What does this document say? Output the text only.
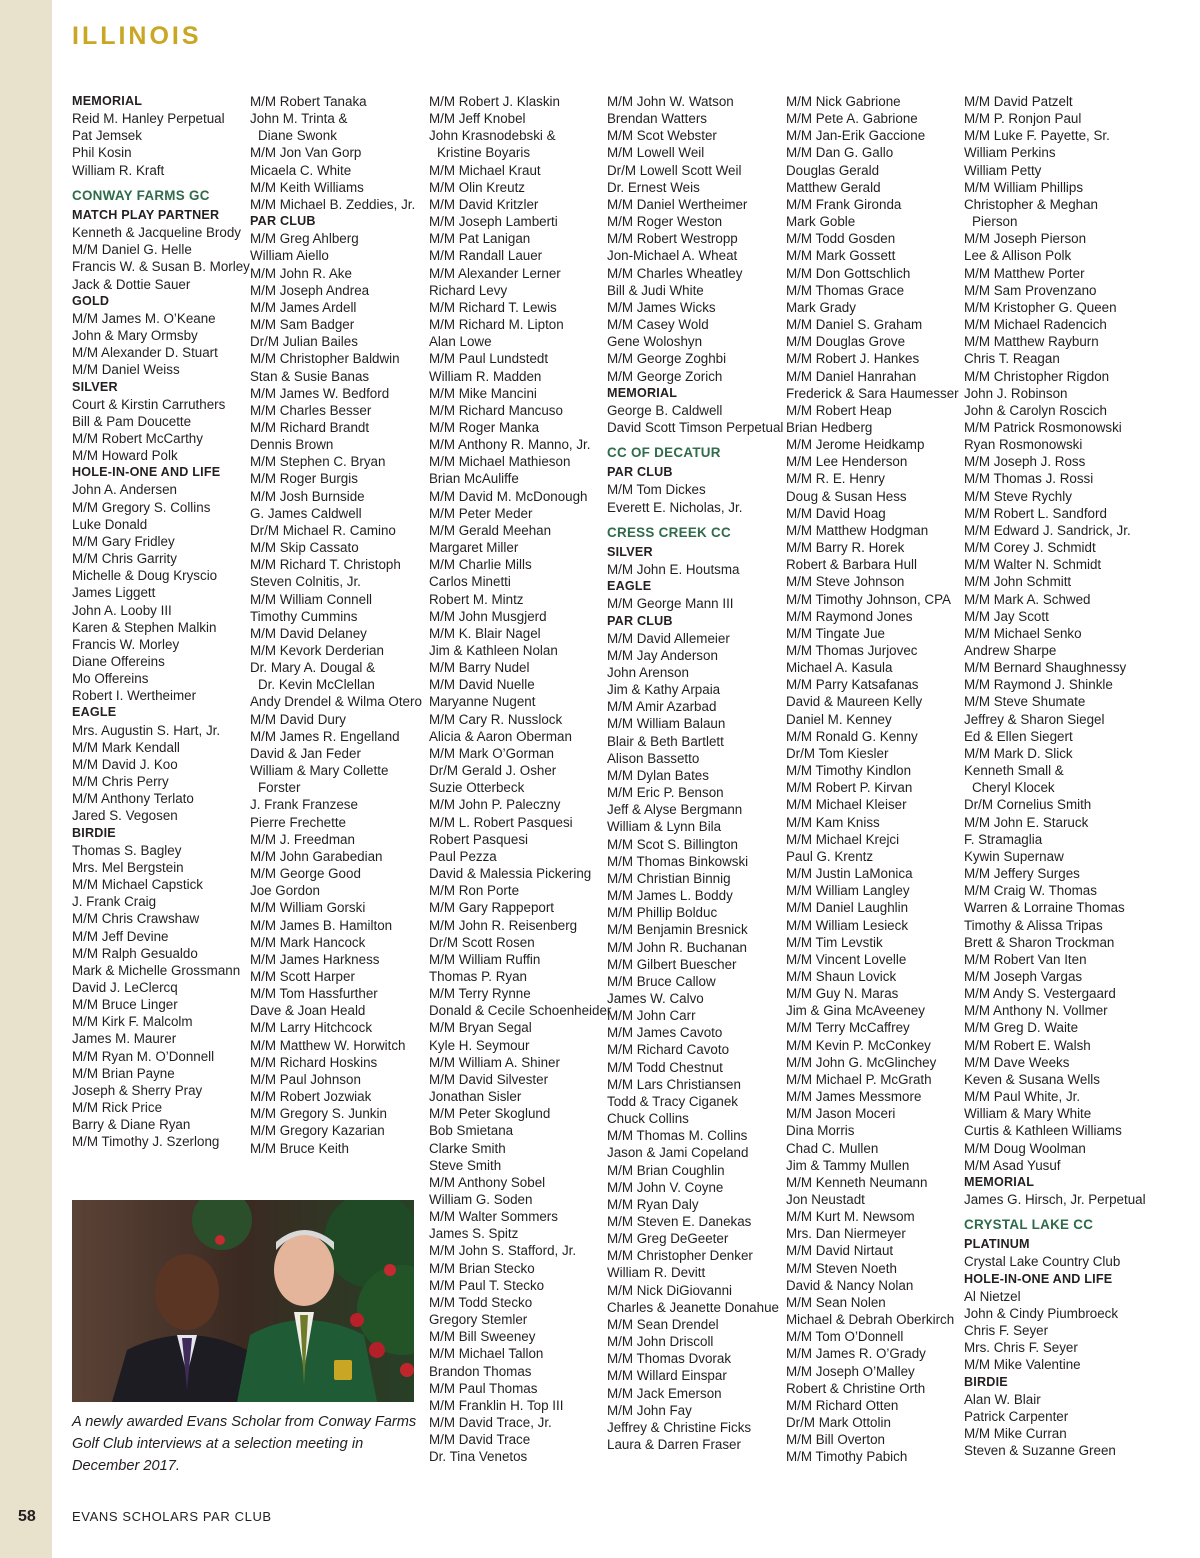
ILLINOIS
MEMORIAL
Reid M. Hanley Perpetual
Pat Jemsek
Phil Kosin
William R. Kraft
CONWAY FARMS GC
MATCH PLAY PARTNER
Kenneth & Jacqueline Brody
M/M Daniel G. Helle
Francis W. & Susan B. Morley
Jack & Dottie Sauer
GOLD
M/M James M. O’Keane
John & Mary Ormsby
M/M Alexander D. Stuart
M/M Daniel Weiss
SILVER
Court & Kirstin Carruthers
Bill & Pam Doucette
M/M Robert McCarthy
M/M Howard Polk
HOLE-IN-ONE AND LIFE
John A. Andersen
M/M Gregory S. Collins
Luke Donald
M/M Gary Fridley
M/M Chris Garrity
Michelle & Doug Kryscio
James Liggett
John A. Looby III
Karen & Stephen Malkin
Francis W. Morley
Diane Offereins
Mo Offereins
Robert I. Wertheimer
EAGLE
Mrs. Augustin S. Hart, Jr.
M/M Mark Kendall
M/M David J. Koo
M/M Chris Perry
M/M Anthony Terlato
Jared S. Vegosen
BIRDIE
Thomas S. Bagley
Mrs. Mel Bergstein
M/M Michael Capstick
J. Frank Craig
M/M Chris Crawshaw
M/M Jeff Devine
M/M Ralph Gesualdo
Mark & Michelle Grossmann
David J. LeClercq
M/M Bruce Linger
M/M Kirk F. Malcolm
James M. Maurer
M/M Ryan M. O’Donnell
M/M Brian Payne
Joseph & Sherry Pray
M/M Rick Price
Barry & Diane Ryan
M/M Timothy J. Szerlong
M/M Robert Tanaka
John M. Trinta &
Diane Swonk
M/M Jon Van Gorp
Micaela C. White
M/M Keith Williams
M/M Michael B. Zeddies, Jr.
PAR CLUB
M/M Greg Ahlberg
William Aiello
M/M John R. Ake
M/M Joseph Andrea
M/M James Ardell
M/M Sam Badger
Dr/M Julian Bailes
M/M Christopher Baldwin
Stan & Susie Banas
M/M James W. Bedford
M/M Charles Besser
M/M Richard Brandt
Dennis Brown
M/M Stephen C. Bryan
M/M Roger Burgis
M/M Josh Burnside
G. James Caldwell
Dr/M Michael R. Camino
M/M Skip Cassato
M/M Richard T. Christoph
Steven Colnitis, Jr.
M/M William Connell
Timothy Cummins
M/M David Delaney
M/M Kevork Derderian
Dr. Mary A. Dougal &
Dr. Kevin McClellan
Andy Drendel & Wilma Otero
M/M David Dury
M/M James R. Engelland
David & Jan Feder
William & Mary Collette
Forster
J. Frank Franzese
Pierre Frechette
M/M J. Freedman
M/M John Garabedian
M/M George Good
Joe Gordon
M/M William Gorski
M/M James B. Hamilton
M/M Mark Hancock
M/M James Harkness
M/M Scott Harper
M/M Tom Hassfurther
Dave & Joan Heald
M/M Larry Hitchcock
M/M Matthew W. Horwitch
M/M Richard Hoskins
M/M Paul Johnson
M/M Robert Jozwiak
M/M Gregory S. Junkin
M/M Gregory Kazarian
M/M Bruce Keith
M/M Robert J. Klaskin
M/M Jeff Knobel
John Krasnodebski &
Kristine Boyaris
M/M Michael Kraut
M/M Olin Kreutz
M/M David Kritzler
M/M Joseph Lamberti
M/M Pat Lanigan
M/M Randall Lauer
M/M Alexander Lerner
Richard Levy
M/M Richard T. Lewis
M/M Richard M. Lipton
Alan Lowe
M/M Paul Lundstedt
William R. Madden
M/M Mike Mancini
M/M Richard Mancuso
M/M Roger Manka
M/M Anthony R. Manno, Jr.
M/M Michael Mathieson
Brian McAuliffe
M/M David M. McDonough
M/M Peter Meder
M/M Gerald Meehan
Margaret Miller
M/M Charlie Mills
Carlos Minetti
Robert M. Mintz
M/M John Musgjerd
M/M K. Blair Nagel
Jim & Kathleen Nolan
M/M Barry Nudel
M/M David Nuelle
Maryanne Nugent
M/M Cary R. Nusslock
Alicia & Aaron Oberman
M/M Mark O’Gorman
Dr/M Gerald J. Osher
Suzie Otterbeck
M/M John P. Paleczny
M/M L. Robert Pasquesi
Robert Pasquesi
Paul Pezza
David & Malessia Pickering
M/M Ron Porte
M/M Gary Rappeport
M/M John R. Reisenberg
Dr/M Scott Rosen
M/M William Ruffin
Thomas P. Ryan
M/M Terry Rynne
Donald & Cecile Schoenheider
M/M Bryan Segal
Kyle H. Seymour
M/M William A. Shiner
M/M David Silvester
Jonathan Sisler
M/M Peter Skoglund
Bob Smietana
Clarke Smith
Steve Smith
M/M Anthony Sobel
William G. Soden
M/M Walter Sommers
James S. Spitz
M/M John S. Stafford, Jr.
M/M Brian Stecko
M/M Paul T. Stecko
M/M Todd Stecko
Gregory Stemler
M/M Bill Sweeney
M/M Michael Tallon
Brandon Thomas
M/M Paul Thomas
M/M Franklin H. Top III
M/M David Trace, Jr.
M/M David Trace
Dr. Tina Venetos
M/M John W. Watson
Brendan Watters
M/M Scot Webster
M/M Lowell Weil
Dr/M Lowell Scott Weil
Dr. Ernest Weis
M/M Daniel Wertheimer
M/M Roger Weston
M/M Robert Westropp
Jon-Michael A. Wheat
M/M Charles Wheatley
Bill & Judi White
M/M James Wicks
M/M Casey Wold
Gene Woloshyn
M/M George Zoghbi
M/M George Zorich
MEMORIAL
George B. Caldwell
David Scott Timson Perpetual
CC OF DECATUR
PAR CLUB
M/M Tom Dickes
Everett E. Nicholas, Jr.
CRESS CREEK CC
SILVER
M/M John E. Houtsma
EAGLE
M/M George Mann III
PAR CLUB
M/M David Allemeier
M/M Jay Anderson
John Arenson
Jim & Kathy Arpaia
M/M Amir Azarbad
M/M William Balaun
Blair & Beth Bartlett
Alison Bassetto
M/M Dylan Bates
M/M Eric P. Benson
Jeff & Alyse Bergmann
William & Lynn Bila
M/M Scot S. Billington
M/M Thomas Binkowski
M/M Christian Binnig
M/M James L. Boddy
M/M Phillip Bolduc
M/M Benjamin Bresnick
M/M John R. Buchanan
M/M Gilbert Buescher
M/M Bruce Callow
James W. Calvo
M/M John Carr
M/M James Cavoto
M/M Richard Cavoto
M/M Todd Chestnut
M/M Lars Christiansen
Todd & Tracy Ciganek
Chuck Collins
M/M Thomas M. Collins
Jason & Jami Copeland
M/M Brian Coughlin
M/M John V. Coyne
M/M Ryan Daly
M/M Steven E. Danekas
M/M Greg DeGeeter
M/M Christopher Denker
William R. Devitt
M/M Nick DiGiovanni
Charles & Jeanette Donahue
M/M Sean Drendel
M/M John Driscoll
M/M Thomas Dvorak
M/M Willard Einspar
M/M Jack Emerson
M/M John Fay
Jeffrey & Christine Ficks
Laura & Darren Fraser
M/M Nick Gabrione
M/M Pete A. Gabrione
M/M Jan-Erik Gaccione
M/M Dan G. Gallo
Douglas Gerald
Matthew Gerald
M/M Frank Gironda
Mark Goble
M/M Todd Gosden
M/M Mark Gossett
M/M Don Gottschlich
M/M Thomas Grace
Mark Grady
M/M Daniel S. Graham
M/M Douglas Grove
M/M Robert J. Hankes
M/M Daniel Hanrahan
Frederick & Sara Haumesser
M/M Robert Heap
Brian Hedberg
M/M Jerome Heidkamp
M/M Lee Henderson
M/M R. E. Henry
Doug & Susan Hess
M/M David Hoag
M/M Matthew Hodgman
M/M Barry R. Horek
Robert & Barbara Hull
M/M Steve Johnson
M/M Timothy Johnson, CPA
M/M Raymond Jones
M/M Tingate Jue
M/M Thomas Jurjovec
Michael A. Kasula
M/M Parry Katsafanas
David & Maureen Kelly
Daniel M. Kenney
M/M Ronald G. Kenny
Dr/M Tom Kiesler
M/M Timothy Kindlon
M/M Robert P. Kirvan
M/M Michael Kleiser
M/M Kam Kniss
M/M Michael Krejci
Paul G. Krentz
M/M Justin LaMonica
M/M William Langley
M/M Daniel Laughlin
M/M William Lesieck
M/M Tim Levstik
M/M Vincent Lovelle
M/M Shaun Lovick
M/M Guy N. Maras
Jim & Gina McAveeney
M/M Terry McCaffrey
M/M Kevin P. McConkey
M/M John G. McGlinchey
M/M Michael P. McGrath
M/M James Messmore
M/M Jason Moceri
Dina Morris
Chad C. Mullen
Jim & Tammy Mullen
M/M Kenneth Neumann
Jon Neustadt
M/M Kurt M. Newsom
Mrs. Dan Niermeyer
M/M David Nirtaut
M/M Steven Noeth
David & Nancy Nolan
M/M Sean Nolen
Michael & Debrah Oberkirch
M/M Tom O’Donnell
M/M James R. O’Grady
M/M Joseph O’Malley
Robert & Christine Orth
M/M Richard Otten
Dr/M Mark Ottolin
M/M Bill Overton
M/M Timothy Pabich
M/M David Patzelt
M/M P. Ronjon Paul
M/M Luke F. Payette, Sr.
William Perkins
William Petty
M/M William Phillips
Christopher & Meghan
Pierson
M/M Joseph Pierson
Lee & Allison Polk
M/M Matthew Porter
M/M Sam Provenzano
M/M Kristopher G. Queen
M/M Michael Radencich
M/M Matthew Rayburn
Chris T. Reagan
M/M Christopher Rigdon
John J. Robinson
John & Carolyn Roscich
M/M Patrick Rosmonowski
Ryan Rosmonowski
M/M Joseph J. Ross
M/M Thomas J. Rossi
M/M Steve Rychly
M/M Robert L. Sandford
M/M Edward J. Sandrick, Jr.
M/M Corey J. Schmidt
M/M Walter N. Schmidt
M/M John Schmitt
M/M Mark A. Schwed
M/M Jay Scott
M/M Michael Senko
Andrew Sharpe
M/M Bernard Shaughnessy
M/M Raymond J. Shinkle
M/M Steve Shumate
Jeffrey & Sharon Siegel
Ed & Ellen Siegert
M/M Mark D. Slick
Kenneth Small &
Cheryl Klocek
Dr/M Cornelius Smith
M/M John E. Staruck
F. Stramaglia
Kywin Supernaw
M/M Jeffery Surges
M/M Craig W. Thomas
Warren & Lorraine Thomas
Timothy & Alissa Tripas
Brett & Sharon Trockman
M/M Robert Van Iten
M/M Joseph Vargas
M/M Andy S. Vestergaard
M/M Anthony N. Vollmer
M/M Greg D. Waite
M/M Robert E. Walsh
M/M Dave Weeks
Keven & Susana Wells
M/M Paul White, Jr.
William & Mary White
Curtis & Kathleen Williams
M/M Doug Woolman
M/M Asad Yusuf
MEMORIAL
James G. Hirsch, Jr. Perpetual
CRYSTAL LAKE CC
PLATINUM
Crystal Lake Country Club
HOLE-IN-ONE AND LIFE
Al Nietzel
John & Cindy Piumbroeck
Chris F. Seyer
Mrs. Chris F. Seyer
M/M Mike Valentine
BIRDIE
Alan W. Blair
Patrick Carpenter
M/M Mike Curran
Steven & Suzanne Green
A newly awarded Evans Scholar from Conway Farms Golf Club interviews at a selection meeting in December 2017.
58	EVANS SCHOLARS PAR CLUB
